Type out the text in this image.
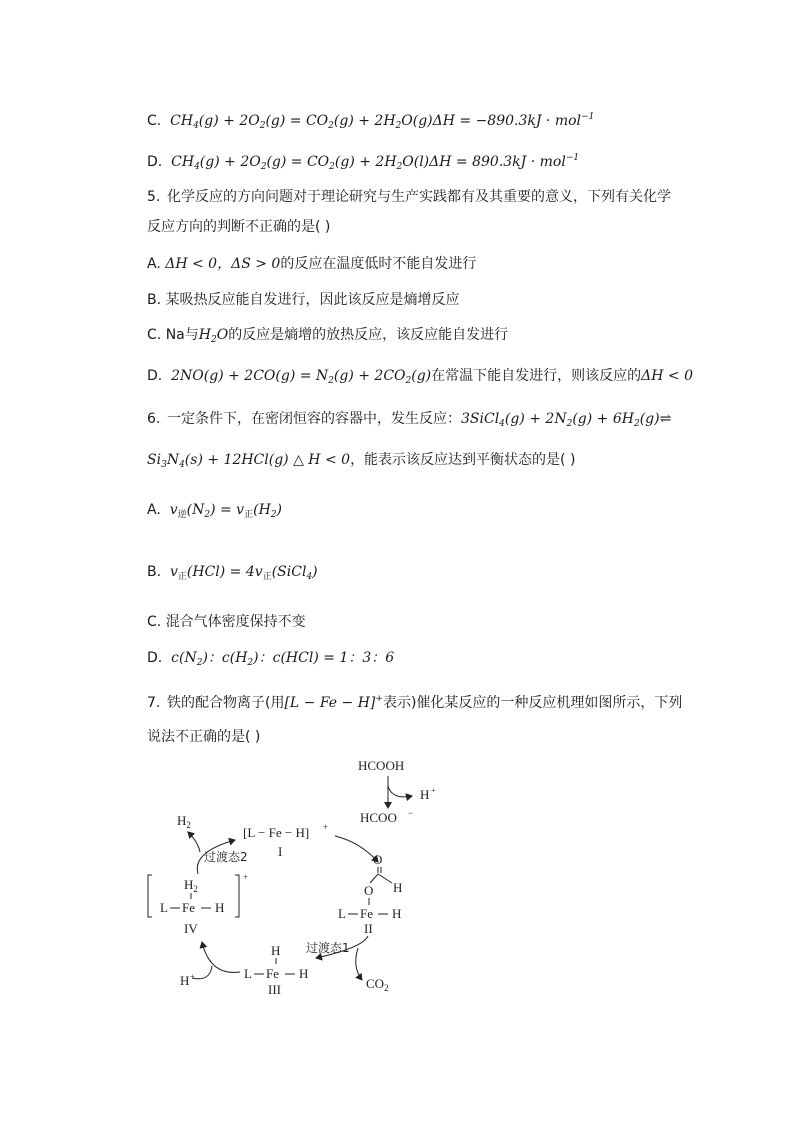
C. $CH_4(g) + 2O_2(g) = CO_2(g) + 2H_2O(g)\Delta H = -890.3kJ \cdot mol^{-1}$
D. $CH_4(g) + 2O_2(g) = CO_2(g) + 2H_2O(l)\Delta H = 890.3kJ \cdot mol^{-1}$
5. 化学反应的方向问题对于理论研究与生产实践都有及其重要的意义，下列有关化学
反应方向的判断不正确的是( )
A. ΔH < 0，ΔS > 0的反应在温度低时不能自发进行
B. 某吸热反应能自发进行，因此该反应是熵增反应
C. Na与$H_2O$的反应是熵增的放热反应，该反应能自发进行
D. $2NO(g) + 2CO(g) = N_2(g) + 2CO_2(g)$在常温下能自发进行，则该反应的ΔH < 0
6. 一定条件下，在密闭恒容的容器中，发生反应：3SiCl$_4$(g) + $2N_2(g)$ + $6H_2(g)\rightleftharpoons$
$Si_3N_4(s) + 12HCl(g)$ △ H < 0，能表示该反应达到平衡状态的是( )
A. $v_逆(N_2) = v_正(H_2)$
B. $v_正(HCl)$ = $4v_正(SiCl_4)$
C. 混合气体密度保持不变
D. $c(N_2)$：$c(H_2)$：c(HCl) = 1：3：6
7. 铁的配合物离子(用[L − Fe − H]+表示)催化某反应的一种反应机理如图所示，下列
说法不正确的是( )
HCOOH
H +
HCOO −
$H_2$	[L − Fe − H] +
I
过渡态2	O
H
O
L Fe H
II
+
$H_2$
L Fe H
IV
过渡态1
$CO_2$
H
L Fe H
III
H +
